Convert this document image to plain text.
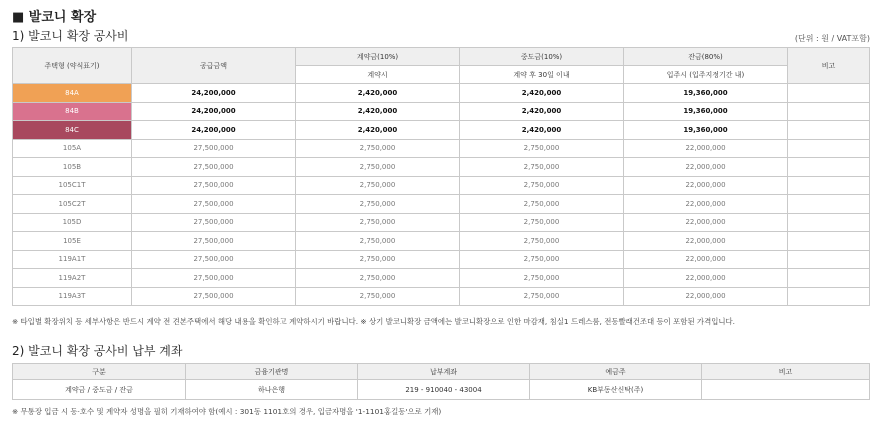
■ 발코니 확장
1) 발코니 확장 공사비	(단위 : 원 / VAT포함)
주택형 (약식표기)	공급금액	계약금(10%)	중도금(10%)	잔금(80%)	비고
		계약시	계약 후 30일 이내	입주시 (입주지정기간 내)	
84A	24,200,000	2,420,000	2,420,000	19,360,000	
84B	24,200,000	2,420,000	2,420,000	19,360,000	
84C	24,200,000	2,420,000	2,420,000	19,360,000	
105A	27,500,000	2,750,000	2,750,000	22,000,000	
105B	27,500,000	2,750,000	2,750,000	22,000,000	
105C1T	27,500,000	2,750,000	2,750,000	22,000,000	
105C2T	27,500,000	2,750,000	2,750,000	22,000,000	
105D	27,500,000	2,750,000	2,750,000	22,000,000	
105E	27,500,000	2,750,000	2,750,000	22,000,000	
119A1T	27,500,000	2,750,000	2,750,000	22,000,000	
119A2T	27,500,000	2,750,000	2,750,000	22,000,000	
119A3T	27,500,000	2,750,000	2,750,000	22,000,000	
※ 타입별 확장위치 등 세부사항은 반드시 계약 전 견본주택에서 해당 내용을 확인하고 계약하시기 바랍니다. ※ 상기 발코니확장 금액에는 발코니확장으로 인한 마감재, 침실1 드레스룸, 전동빨래건조대 등이 포함된 가격입니다.
2) 발코니 확장 공사비 납부 계좌
구분	금융기관명	납부계좌	예금주	비고
계약금 / 중도금 / 잔금	하나은행	219 - 910040 - 43004	KB부동산신탁(주)	
※ 무통장 입금 시 동·호수 및 계약자 성명을 필히 기재하여야 함(예시 : 301동 1101호의 경우, 입금자명을 '1-1101홍길동'으로 기재)
